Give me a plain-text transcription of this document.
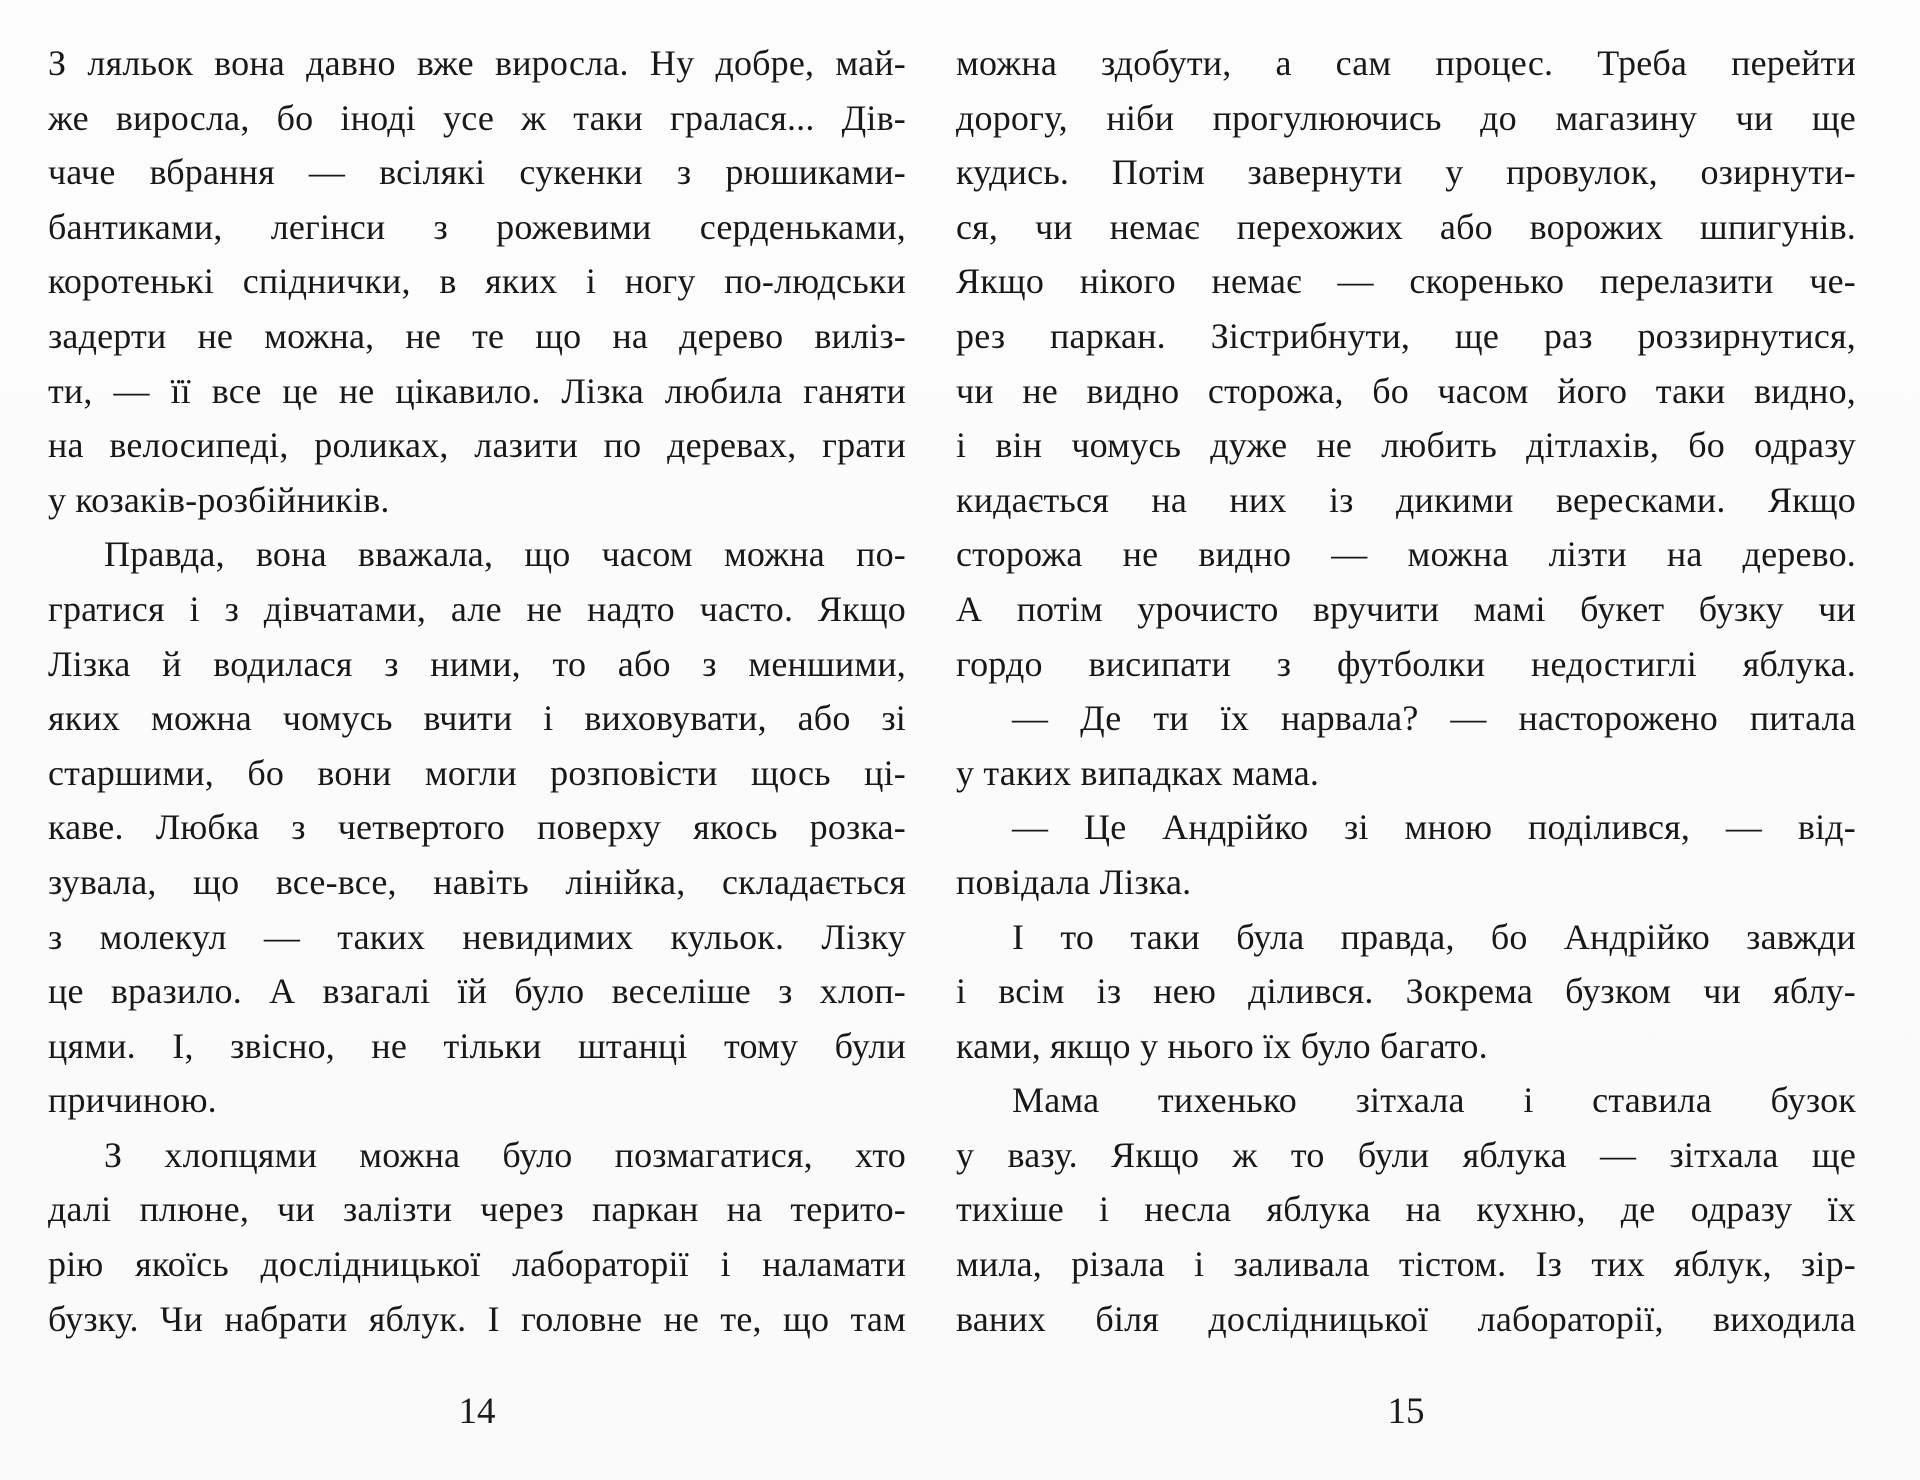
З ляльок вона давно вже виросла. Ну добре, май-
же виросла, бо іноді усе ж таки гралася... Дів-
чаче вбрання — всілякі сукенки з рюшиками-
бантиками, легінси з рожевими серденьками,
коротенькі спіднички, в яких і ногу по-людськи
задерти не можна, не те що на дерево виліз-
ти, — її все це не цікавило. Лізка любила ганяти
на велосипеді, роликах, лазити по деревах, грати
у козаків-розбійників.
Правда, вона вважала, що часом можна по-
гратися і з дівчатами, але не надто часто. Якщо
Лізка й водилася з ними, то або з меншими,
яких можна чомусь вчити і виховувати, або зі
старшими, бо вони могли розповісти щось ці-
каве. Любка з четвертого поверху якось розка-
зувала, що все-все, навіть лінійка, складається
з молекул — таких невидимих кульок. Лізку
це вразило. А взагалі їй було веселіше з хлоп-
цями. І, звісно, не тільки штанці тому були
причиною.
З хлопцями можна було позмагатися, хто
далі плюне, чи залізти через паркан на терито-
рію якоїсь дослідницької лабораторії і наламати
бузку. Чи набрати яблук. І головне не те, що там
14
можна здобути, а сам процес. Треба перейти
дорогу, ніби прогулюючись до магазину чи ще
кудись. Потім завернути у провулок, озирнути-
ся, чи немає перехожих або ворожих шпигунів.
Якщо нікого немає — скоренько перелазити че-
рез паркан. Зістрибнути, ще раз роззирнутися,
чи не видно сторожа, бо часом його таки видно,
і він чомусь дуже не любить дітлахів, бо одразу
кидається на них із дикими вересками. Якщо
сторожа не видно — можна лізти на дерево.
А потім урочисто вручити мамі букет бузку чи
гордо висипати з футболки недостиглі яблука.
— Де ти їх нарвала? — насторожено питала
у таких випадках мама.
— Це Андрійко зі мною поділився, — від-
повідала Лізка.
І то таки була правда, бо Андрійко завжди
і всім із нею ділився. Зокрема бузком чи яблу-
ками, якщо у нього їх було багато.
Мама тихенько зітхала і ставила бузок
у вазу. Якщо ж то були яблука — зітхала ще
тихіше і несла яблука на кухню, де одразу їх
мила, різала і заливала тістом. Із тих яблук, зір-
ваних біля дослідницької лабораторії, виходила
15
